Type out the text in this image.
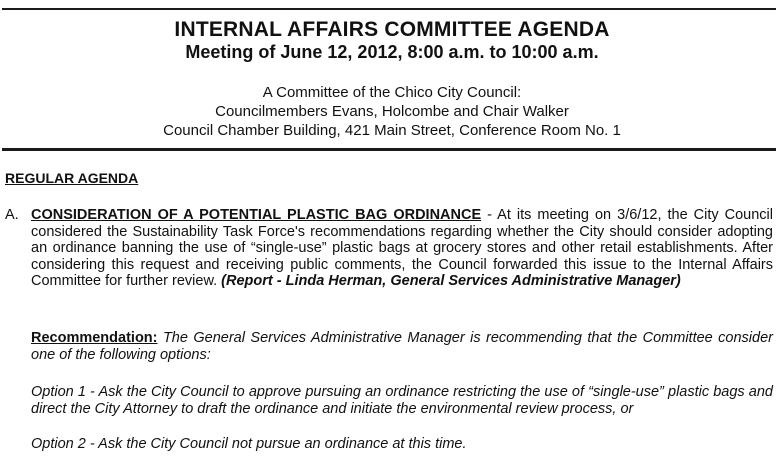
INTERNAL AFFAIRS COMMITTEE AGENDA
Meeting of June 12, 2012, 8:00 a.m. to 10:00 a.m.
A Committee of the Chico City Council:
Councilmembers Evans, Holcombe and Chair Walker
Council Chamber Building, 421 Main Street, Conference Room No. 1
REGULAR AGENDA
A. CONSIDERATION OF A POTENTIAL PLASTIC BAG ORDINANCE - At its meeting on 3/6/12, the City Council considered the Sustainability Task Force's recommendations regarding whether the City should consider adopting an ordinance banning the use of “single-use” plastic bags at grocery stores and other retail establishments. After considering this request and receiving public comments, the Council forwarded this issue to the Internal Affairs Committee for further review. (Report - Linda Herman, General Services Administrative Manager)
Recommendation: The General Services Administrative Manager is recommending that the Committee consider one of the following options:
Option 1 - Ask the City Council to approve pursuing an ordinance restricting the use of “single-use” plastic bags and direct the City Attorney to draft the ordinance and initiate the environmental review process, or
Option 2 - Ask the City Council not pursue an ordinance at this time.
